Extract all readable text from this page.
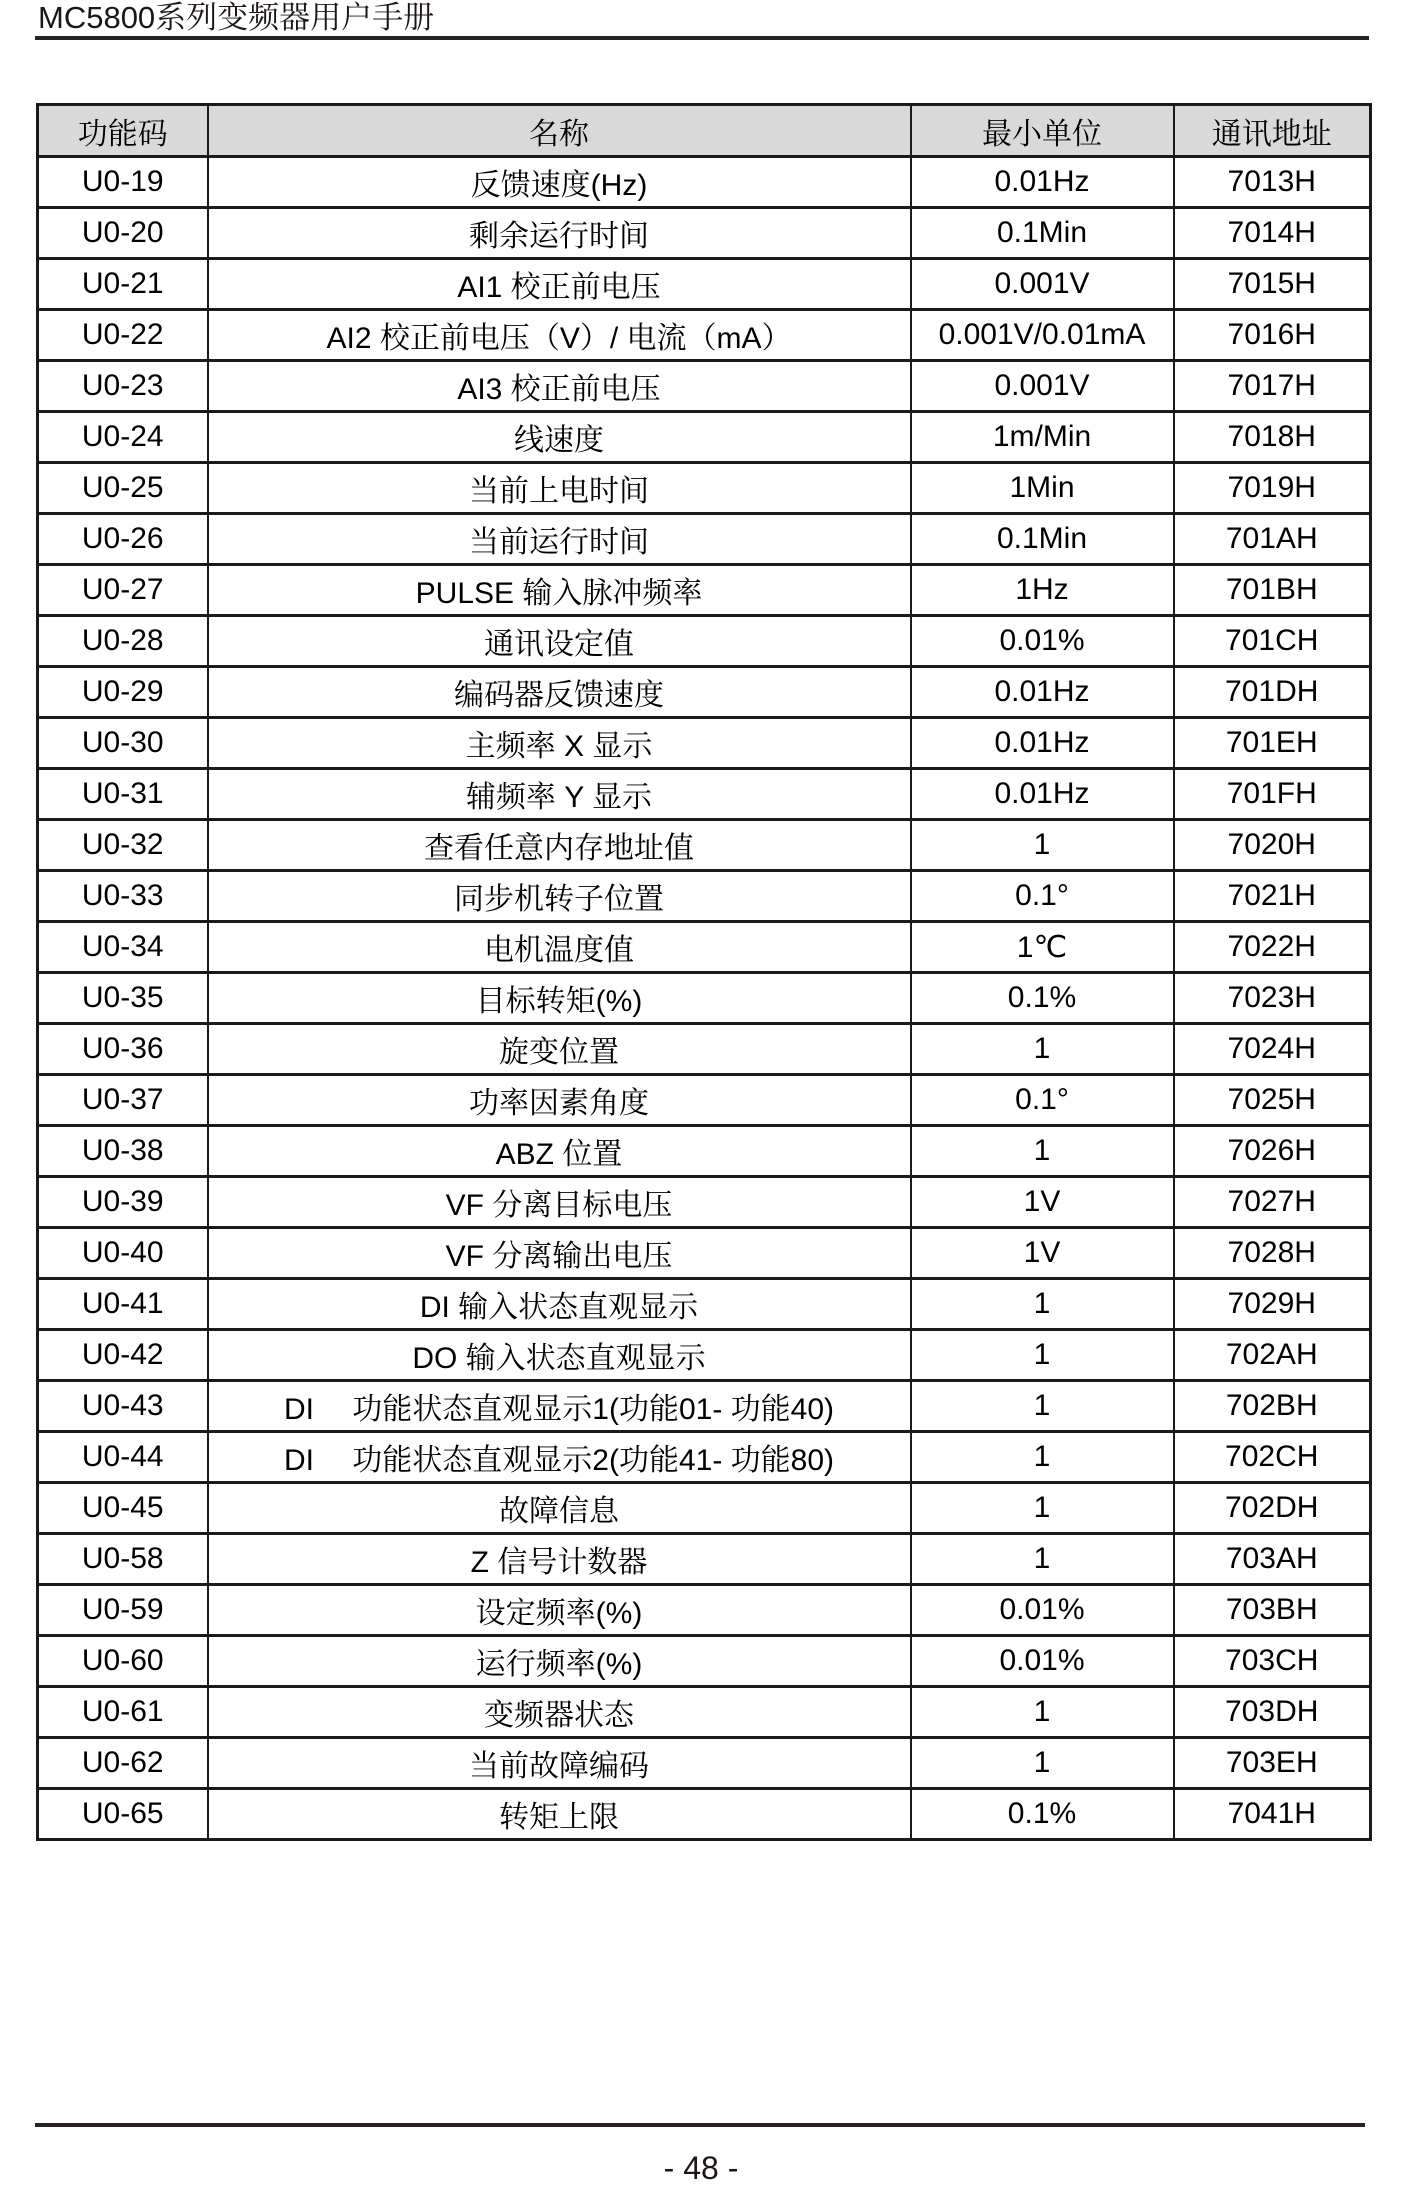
MC5800系列变频器用户手册
功能码	名称	最小单位	通讯地址
U0-19	反馈速度(Hz)	0.01Hz	7013H
U0-20	剩余运行时间	0.1Min	7014H
U0-21	AI1 校正前电压	0.001V	7015H
U0-22	AI2 校正前电压（V）/ 电流（mA）	0.001V/0.01mA	7016H
U0-23	AI3 校正前电压	0.001V	7017H
U0-24	线速度	1m/Min	7018H
U0-25	当前上电时间	1Min	7019H
U0-26	当前运行时间	0.1Min	701AH
U0-27	PULSE 输入脉冲频率	1Hz	701BH
U0-28	通讯设定值	0.01%	701CH
U0-29	编码器反馈速度	0.01Hz	701DH
U0-30	主频率 X 显示	0.01Hz	701EH
U0-31	辅频率 Y 显示	0.01Hz	701FH
U0-32	查看任意内存地址值	1	7020H
U0-33	同步机转子位置	0.1°	7021H
U0-34	电机温度值	1℃	7022H
U0-35	目标转矩(%)	0.1%	7023H
U0-36	旋变位置	1	7024H
U0-37	功率因素角度	0.1°	7025H
U0-38	ABZ 位置	1	7026H
U0-39	VF 分离目标电压	1V	7027H
U0-40	VF 分离输出电压	1V	7028H
U0-41	DI 输入状态直观显示	1	7029H
U0-42	DO 输入状态直观显示	1	702AH
U0-43	DI　 功能状态直观显示1(功能01- 功能40)	1	702BH
U0-44	DI　 功能状态直观显示2(功能41- 功能80)	1	702CH
U0-45	故障信息	1	702DH
U0-58	Z 信号计数器	1	703AH
U0-59	设定频率(%)	0.01%	703BH
U0-60	运行频率(%)	0.01%	703CH
U0-61	变频器状态	1	703DH
U0-62	当前故障编码	1	703EH
U0-65	转矩上限	0.1%	7041H
- 48 -
